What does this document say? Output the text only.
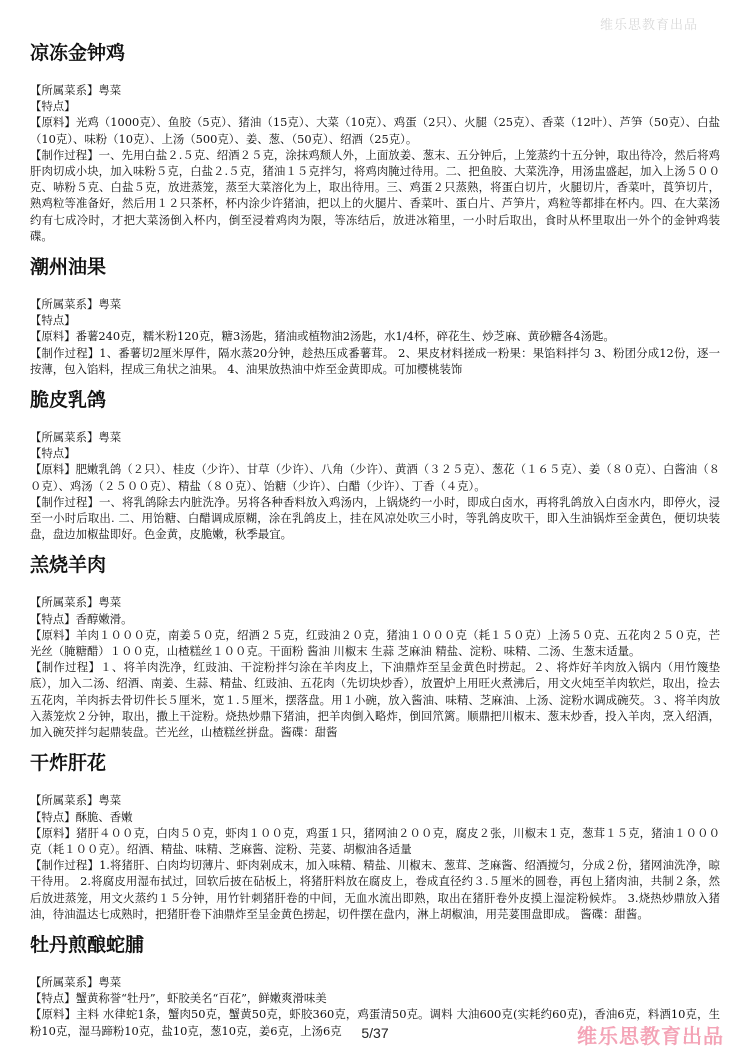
维乐思教育出品
凉冻金钟鸡

【所属菜系】粤菜

【特点】

【原料】光鸡（1000克）、鱼胶（5克）、猪油（15克）、大菜（10克）、鸡蛋（2只）、火腿（25克）、香菜（12叶）、芦笋（50克）、白盐（10克）、味粉（10克）、上汤（500克）、姜、葱、（50克）、绍酒（25克）。

【制作过程】一、先用白盐２.５克、绍酒２５克，涂抹鸡颓人外，上面放姜、葱末、五分钟后，上笼蒸约十五分钟，取出待冷，然后将鸡肝肉切成小块，加入味粉５克，白盐２.５克，猪油１５克拌匀，将鸡肉腌过待用。二、把鱼胶、大菜洗净，用汤盅盛起，加入上汤５００克、哧粉５克、白盐５克，放进蒸笼，蒸至大菜溶化为上，取出待用。三、鸡蛋２只蒸熟，将蛋白切片，火腿切片，香菜叶，莨笋切片，熟鸡粒等准备好，然后用１２只茶杯，杯内涂少许猪油，把以上的火腿片、香菜叶、蛋白片、芦笋片，鸡粒等都排在杯内。四、在大菜汤约有七成冷时，才把大菜汤倒入杯内，倒至浸着鸡肉为限，等冻结后，放进冰箱里，一小时后取出，食时从杯里取出一外个的金钟鸡装碟。

潮州油果

【所属菜系】粤菜

【特点】

【原料】番薯240克，糯米粉120克，糖3汤匙，猪油或植物油2汤匙，水1/4杯，碎花生、炒芝麻、黄砂糖各4汤匙。

【制作过程】1、番薯切2厘米厚件，隔水蒸20分钟，趁热压成番薯茸。 2、果皮材料搓成一粉果：果馅料拌匀 3、粉团分成12份，逐一按薄，包入馅料，捏成三角状之油果。 4、油果放热油中炸至金黄即成。可加樱桃装饰

脆皮乳鸽

【所属菜系】粤菜

【特点】

【原料】肥嫩乳鸽（２只）、桂皮（少许）、甘草（少许）、八角（少许）、黄酒（３２５克）、葱花（１６５克）、姜（８０克）、白酱油（８０克）、鸡汤（２５００克）、精盐（８０克）、饴糖（少许）、白醋（少许）、丁香（４克）。

【制作过程】一、将乳鸽除去内脏洗净。另将各种香料放入鸡汤内，上锅烧约一小时，即成白卤水，再将乳鸽放入白卤水内，即停火，浸至一小时后取出. 二、用饴糖、白醋调成原糊，涂在乳鸽皮上，挂在风凉处吹三小时，等乳鸽皮吹干，即入生油锅炸至金黄色，便切块装盘，盘边加椒盐即好。色金黄，皮脆嫩，秋季最宜。

羔烧羊肉

【所属菜系】粤菜

【特点】香醇嫩滑。

【原料】羊肉１０００克，南姜５０克，绍酒２５克，红豉油２０克，猪油１０００克（耗１５０克）上汤５０克、五花肉２５０克，芒光丝（腌糖醋）１００克，山楂糕丝１００克。干面粉 酱油 川椒末 生蒜 芝麻油 精盐、淀粉、味精、二汤、生葱末适量。

【制作过程】１、将羊肉洗净，红豉油、干淀粉拌匀涂在羊肉皮上，下油鼎炸至呈金黄色时捞起。２、将炸好羊肉放入锅内（用竹篾垫底），加入二汤、绍酒、南姜、生蒜、精盐、红豉油、五花肉（先切块炒香），放置炉上用旺火煮沸后，用文火炖至羊肉软烂，取出，捡去五花肉，羊肉拆去骨切件长５厘米，宽１.５厘米，摆落盘。用１小碗，放入酱油、味精、芝麻油、上汤、淀粉水调成碗芡。３、将羊肉放入蒸笼炊２分钟，取出，撒上干淀粉。烧热炒鼎下猪油，把羊肉倒入略炸，倒回笊篱。顺鼎把川椒末、葱末炒香，投入羊肉，烹入绍酒，加入碗芡拌匀起鼎装盘。芒光丝，山楂糕丝拼盘。酱碟：甜酱

干炸肝花

【所属菜系】粤菜

【特点】酥脆、香嫩

【原料】猪肝４００克，白肉５０克，虾肉１００克，鸡蛋１只，猪网油２００克，腐皮２张，川椒末１克，葱茸１５克，猪油１０００克（耗１００克）。绍酒、精盐、味精、芝麻酱、淀粉、芫荽、胡椒油各适量

【制作过程】1.将猪肝、白肉均切薄片、虾肉剁成末，加入味精、精盐、川椒末、葱茸、芝麻酱、绍酒搅匀，分成２份，猪网油洗净，晾干待用。 2.将腐皮用湿布拭过，回软后披在砧板上，将猪肝料放在腐皮上，卷成直径约３.５厘米的圆卷，再包上猪肉油，共制２条，然后放进蒸笼，用文火蒸约１５分钟，用竹针刺猪肝卷的中间，无血水流出即熟，取出在猪肝卷外皮摸上湿淀粉候炸。 3.烧热炒鼎放入猪油，待油温达七成熟时，把猪肝卷下油鼎炸至呈金黄色捞起，切件摆在盘内，淋上胡椒油，用芫荽围盘即成。 酱碟：甜酱。

牡丹煎酿蛇脯

【所属菜系】粤菜

【特点】蟹黄称誉“牡丹”，虾胶美名“百花”，鲜嫩爽滑味美

【原料】主料 水律蛇1条，蟹肉50克，蟹黄50克，虾胶360克，鸡蛋清50克。调料 大油600克(实耗约60克)，香油6克，料酒10克，生粉10克，湿马蹄粉10克，盐10克，葱10克，姜6克，上汤6克	5/37	维乐思教育出品
